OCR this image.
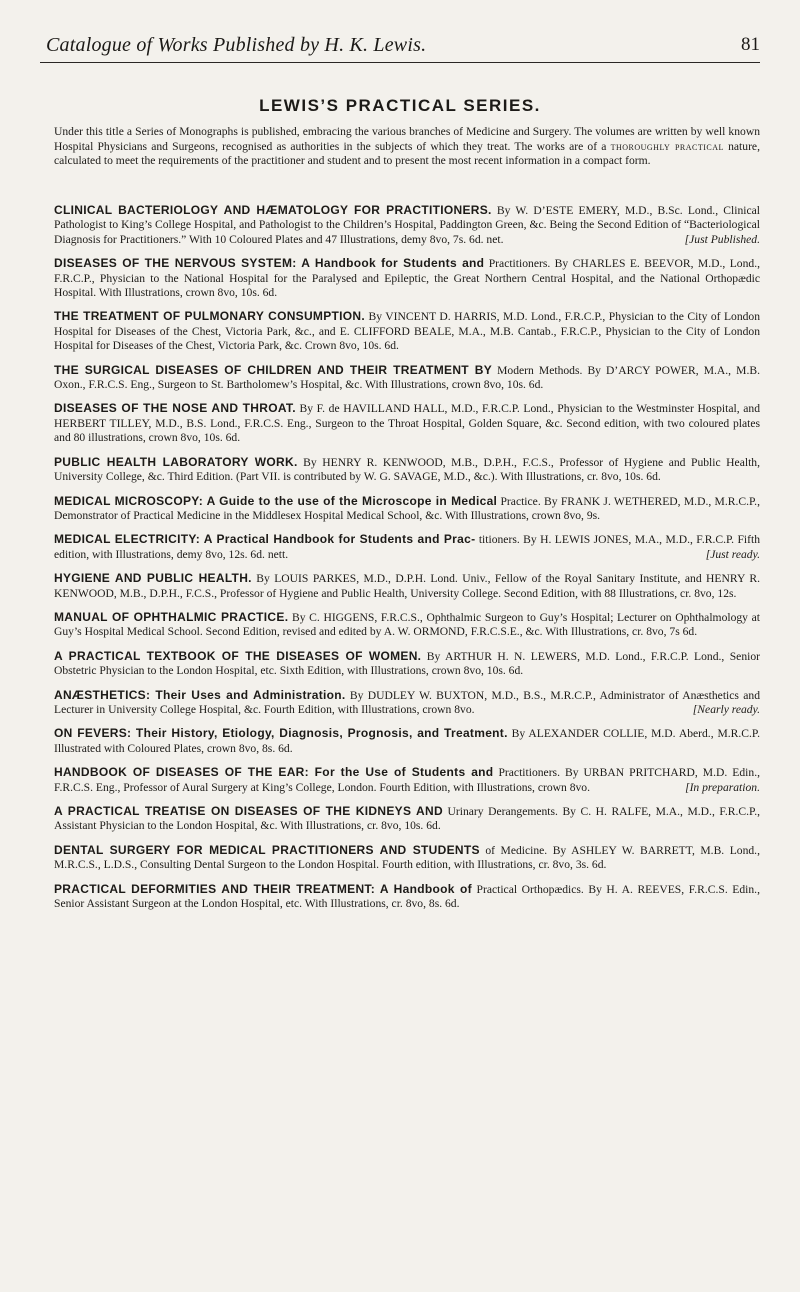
Catalogue of Works Published by H. K. Lewis.	81
LEWIS’S PRACTICAL SERIES.
Under this title a Series of Monographs is published, embracing the various branches of Medicine and Surgery. The volumes are written by well known Hospital Physicians and Surgeons, recognised as authorities in the subjects of which they treat. The works are of a thoroughly practical nature, calculated to meet the requirements of the practitioner and student and to present the most recent information in a compact form.
CLINICAL BACTERIOLOGY AND HÆMATOLOGY FOR PRACTITIONERS. By W. D’ESTE EMERY, M.D., B.Sc. Lond., Clinical Pathologist to King’s College Hospital, and Pathologist to the Children’s Hospital, Paddington Green, &c. Being the Second Edition of “Bacteriological Diagnosis for Practitioners.” With 10 Coloured Plates and 47 Illustrations, demy 8vo, 7s. 6d. net.	[Just Published.
DISEASES OF THE NERVOUS SYSTEM: A Handbook for Students and Practitioners. By CHARLES E. BEEVOR, M.D., Lond., F.R.C.P., Physician to the National Hospital for the Paralysed and Epileptic, the Great Northern Central Hospital, and the National Orthopædic Hospital. With Illustrations, crown 8vo, 10s. 6d.
THE TREATMENT OF PULMONARY CONSUMPTION. By VINCENT D. HARRIS, M.D. Lond., F.R.C.P., Physician to the City of London Hospital for Diseases of the Chest, Victoria Park, &c., and E. CLIFFORD BEALE, M.A., M.B. Cantab., F.R.C.P., Physician to the City of London Hospital for Diseases of the Chest, Victoria Park, &c. Crown 8vo, 10s. 6d.
THE SURGICAL DISEASES OF CHILDREN AND THEIR TREATMENT BY Modern Methods. By D’ARCY POWER, M.A., M.B. Oxon., F.R.C.S. Eng., Surgeon to St. Bartholomew’s Hospital, &c. With Illustrations, crown 8vo, 10s. 6d.
DISEASES OF THE NOSE AND THROAT. By F. de HAVILLAND HALL, M.D., F.R.C.P. Lond., Physician to the Westminster Hospital, and HERBERT TILLEY, M.D., B.S. Lond., F.R.C.S. Eng., Surgeon to the Throat Hospital, Golden Square, &c. Second edition, with two coloured plates and 80 illustrations, crown 8vo, 10s. 6d.
PUBLIC HEALTH LABORATORY WORK. By HENRY R. KENWOOD, M.B., D.P.H., F.C.S., Professor of Hygiene and Public Health, University College, &c. Third Edition. (Part VII. is contributed by W. G. SAVAGE, M.D., &c.). With Illustrations, cr. 8vo, 10s. 6d.
MEDICAL MICROSCOPY: A Guide to the use of the Microscope in Medical Practice. By FRANK J. WETHERED, M.D., M.R.C.P., Demonstrator of Practical Medicine in the Middlesex Hospital Medical School, &c. With Illustrations, crown 8vo, 9s.
MEDICAL ELECTRICITY: A Practical Handbook for Students and Prac- titioners. By H. LEWIS JONES, M.A., M.D., F.R.C.P. Fifth edition, with Illustrations, demy 8vo, 12s. 6d. nett.	[Just ready.
HYGIENE AND PUBLIC HEALTH. By LOUIS PARKES, M.D., D.P.H. Lond. Univ., Fellow of the Royal Sanitary Institute, and HENRY R. KENWOOD, M.B., D.P.H., F.C.S., Professor of Hygiene and Public Health, University College. Second Edition, with 88 Illustrations, cr. 8vo, 12s.
MANUAL OF OPHTHALMIC PRACTICE. By C. HIGGENS, F.R.C.S., Ophthalmic Surgeon to Guy’s Hospital; Lecturer on Ophthalmology at Guy’s Hospital Medical School. Second Edition, revised and edited by A. W. ORMOND, F.R.C.S.E., &c. With Illustrations, cr. 8vo, 7s 6d.
A PRACTICAL TEXTBOOK OF THE DISEASES OF WOMEN. By ARTHUR H. N. LEWERS, M.D. Lond., F.R.C.P. Lond., Senior Obstetric Physician to the London Hospital, etc. Sixth Edition, with Illustrations, crown 8vo, 10s. 6d.
ANÆSTHETICS: Their Uses and Administration. By DUDLEY W. BUXTON, M.D., B.S., M.R.C.P., Administrator of Anæsthetics and Lecturer in University College Hospital, &c. Fourth Edition, with Illustrations, crown 8vo.	[Nearly ready.
ON FEVERS: Their History, Etiology, Diagnosis, Prognosis, and Treatment. By ALEXANDER COLLIE, M.D. Aberd., M.R.C.P. Illustrated with Coloured Plates, crown 8vo, 8s. 6d.
HANDBOOK OF DISEASES OF THE EAR: For the Use of Students and Practitioners. By URBAN PRITCHARD, M.D. Edin., F.R.C.S. Eng., Professor of Aural Surgery at King’s College, London. Fourth Edition, with Illustrations, crown 8vo.	[In preparation.
A PRACTICAL TREATISE ON DISEASES OF THE KIDNEYS AND Urinary Derangements. By C. H. RALFE, M.A., M.D., F.R.C.P., Assistant Physician to the London Hospital, &c. With Illustrations, cr. 8vo, 10s. 6d.
DENTAL SURGERY FOR MEDICAL PRACTITIONERS AND STUDENTS of Medicine. By ASHLEY W. BARRETT, M.B. Lond., M.R.C.S., L.D.S., Consulting Dental Surgeon to the London Hospital. Fourth edition, with Illustrations, cr. 8vo, 3s. 6d.
PRACTICAL DEFORMITIES AND THEIR TREATMENT: A Handbook of Practical Orthopædics. By H. A. REEVES, F.R.C.S. Edin., Senior Assistant Surgeon at the London Hospital, etc. With Illustrations, cr. 8vo, 8s. 6d.
